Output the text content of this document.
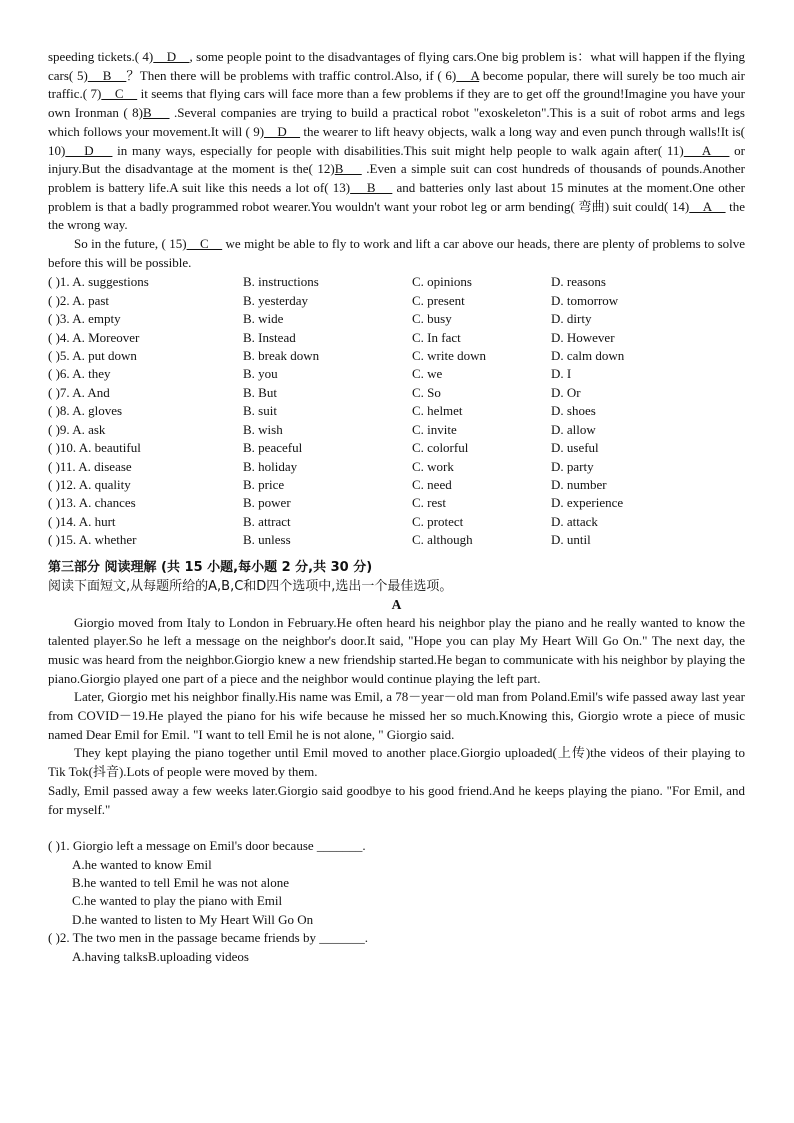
speeding tickets.( 4)    D    , some people point to the disadvantages of flying cars.One big problem is：what will happen if the flying cars( 5)    B    ？Then there will be problems with traffic control.Also, if ( 6)    A become popular, there will surely be too much air traffic.( 7)    C     it seems that flying cars will face more than a few problems if they are to get off the ground!Imagine you have your own Ironman ( 8)B     .Several companies are trying to build a practical robot "exoskeleton".This is a suit of robot arms and legs which follows your movement.It will ( 9)    D     the wearer to lift heavy objects, walk a long way and even punch through walls!It is( 10)    D     in many ways, especially for people with disabilities.This suit might help people to walk again after( 11)    A     or injury.But the disadvantage at the moment is the( 12)B     .Even a simple suit can cost hundreds of thousands of pounds.Another problem is battery life.A suit like this needs a lot of( 13)    B     and batteries only last about 15 minutes at the moment.One other problem is that a badly programmed robot wearer.You wouldn't want your robot leg or arm bending( 弯曲) suit could( 14)    A     the the wrong way.

So in the future, ( 15)    C     we might be able to fly to work and lift a car above our heads, there are plenty of problems to solve before this will be possible.

( )1. A. suggestions	B. instructions	C. opinions	D. reasons
( )2. A. past	B. yesterday	C. present	D. tomorrow
( )3. A. empty	B. wide	C. busy	D. dirty
( )4. A. Moreover	B. Instead	C. In fact	D. However
( )5. A. put down	B. break down	C. write down	D. calm down
( )6. A. they	B. you	C. we	D. I
( )7. A. And	B. But	C. So	D. Or
( )8. A. gloves	B. suit	C. helmet	D. shoes
( )9. A. ask	B. wish	C. invite	D. allow
( )10. A. beautiful	B. peaceful	C. colorful	D. useful
( )11. A. disease	B. holiday	C. work	D. party
( )12. A. quality	B. price	C. need	D. number
( )13. A. chances	B. power	C. rest	D. experience
( )14. A. hurt	B. attract	C. protect	D. attack
( )15. A. whether	B. unless	C. although	D. until
第三部分 阅读理解 (共 15 小题,每小题 2 分,共 30 分)
阅读下面短文,从每题所给的A,B,C和D四个选项中,选出一个最佳选项。
A

Giorgio moved from Italy to London in February.He often heard his neighbor play the piano and he really wanted to know the talented player.So he left a message on the neighbor's door.It said, "Hope you can play My Heart Will Go On." The next day, the music was heard from the neighbor.Giorgio knew a new friendship started.He began to communicate with his neighbor by playing the piano.Giorgio played one part of a piece and the neighbor would continue playing the left part.

Later, Giorgio met his neighbor finally.His name was Emil, a 78－year－old man from Poland.Emil's wife passed away last year from COVID－19.He played the piano for his wife because he missed her so much.Knowing this, Giorgio wrote a piece of music named Dear Emil for Emil. "I want to tell Emil he is not alone, " Giorgio said.

They kept playing the piano together until Emil moved to another place.Giorgio uploaded(上传)the videos of their playing to Tik Tok(抖音).Lots of people were moved by them.

Sadly, Emil passed away a few weeks later.Giorgio said goodbye to his good friend.And he keeps playing the piano. "For Emil, and for myself."

( )1. Giorgio left a message on Emil's door because _______.
A.he wanted to know Emil
B.he wanted to tell Emil he was not alone
C.he wanted to play the piano with Emil
D.he wanted to listen to My Heart Will Go On
( )2. The two men in the passage became friends by _______.
A.having talksB.uploading videos
